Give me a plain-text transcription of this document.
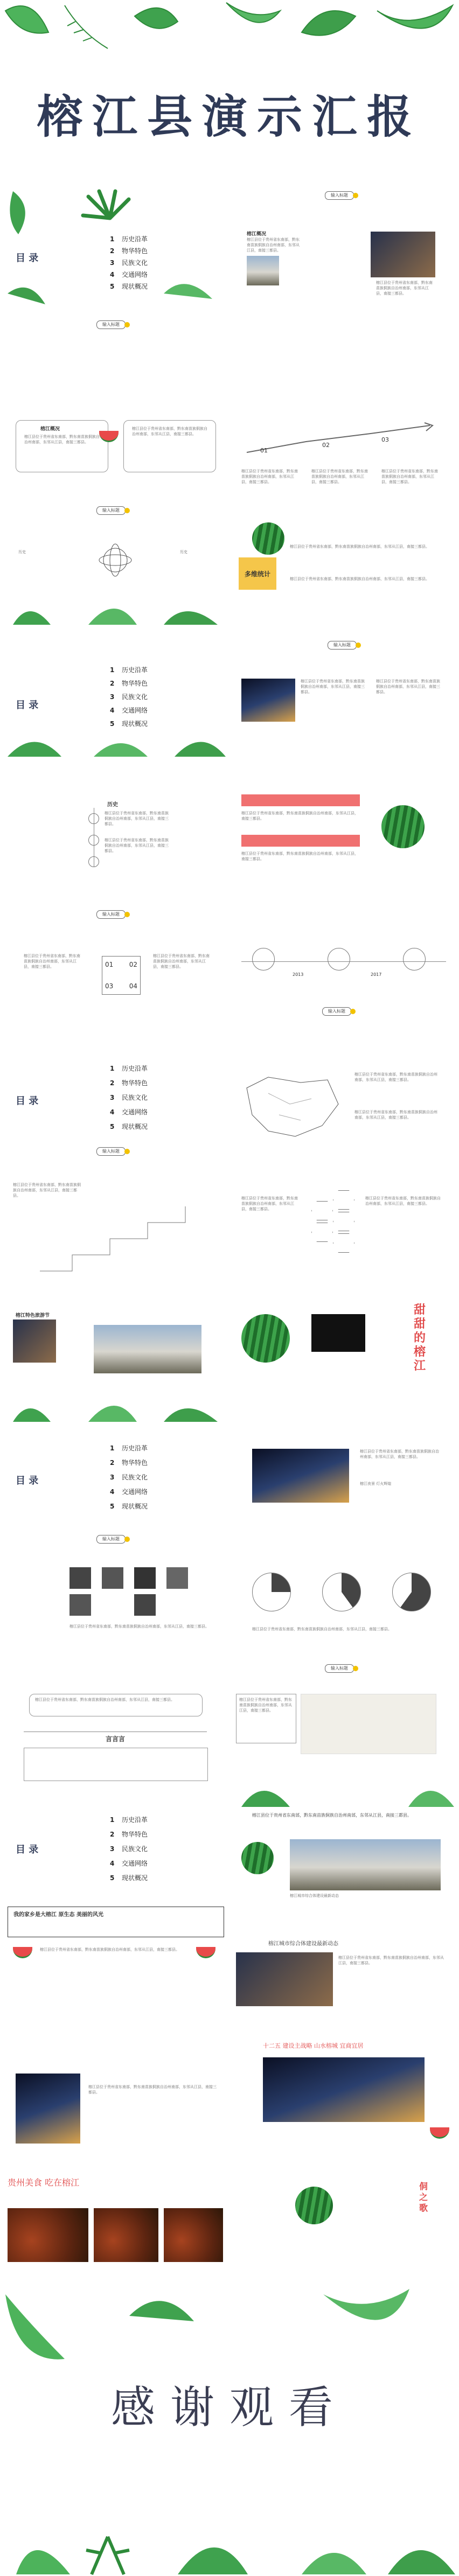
榕江县演示汇报
目 录
1 历史沿革
2 物华特色
3 民族文化
4 交通网络
5 现状概况
输入标题
榕江概况
榕江县位于贵州省东南部，黔东南苗族侗族自治州南部，东邻从江县，南接三都县。
榕江县位于贵州省东南部，黔东南苗族侗族自治州南部，东邻从江县，南接三都县。
输入标题
榕江概况
榕江县位于贵州省东南部，黔东南苗族侗族自治州南部，东邻从江县，南接三都县。
榕江县位于贵州省东南部，黔东南苗族侗族自治州南部，东邻从江县，南接三都县。
01
02
03
榕江县位于贵州省东南部，黔东南苗族侗族自治州南部，东邻从江县，南接三都县。
榕江县位于贵州省东南部，黔东南苗族侗族自治州南部，东邻从江县，南接三都县。
榕江县位于贵州省东南部，黔东南苗族侗族自治州南部，东邻从江县，南接三都县。
输入标题
历史	历史
多维统计
榕江县位于贵州省东南部，黔东南苗族侗族自治州南部，东邻从江县，南接三都县。
榕江县位于贵州省东南部，黔东南苗族侗族自治州南部，东邻从江县，南接三都县。
目 录
1 历史沿革
2 物华特色
3 民族文化
4 交通网络
5 现状概况
输入标题
榕江县位于贵州省东南部，黔东南苗族侗族自治州南部，东邻从江县，南接三都县。
榕江县位于贵州省东南部，黔东南苗族侗族自治州南部，东邻从江县，南接三都县。
历史
榕江县位于贵州省东南部，黔东南苗族侗族自治州南部，东邻从江县，南接三都县。
榕江县位于贵州省东南部，黔东南苗族侗族自治州南部，东邻从江县，南接三都县。
榕江县位于贵州省东南部，黔东南苗族侗族自治州南部，东邻从江县，南接三都县。
榕江县位于贵州省东南部，黔东南苗族侗族自治州南部，东邻从江县，南接三都县。
输入标题
01 02
03 04
榕江县位于贵州省东南部，黔东南苗族侗族自治州南部，东邻从江县，南接三都县。
榕江县位于贵州省东南部，黔东南苗族侗族自治州南部，东邻从江县，南接三都县。
2013	2017
输入标题
目 录
1 历史沿革
2 物华特色
3 民族文化
4 交通网络
5 现状概况
输入标题
榕江县位于贵州省东南部，黔东南苗族侗族自治州南部，东邻从江县，南接三都县。
榕江县位于贵州省东南部，黔东南苗族侗族自治州南部，东邻从江县，南接三都县。
榕江县位于贵州省东南部，黔东南苗族侗族自治州南部，东邻从江县，南接三都县。
榕江县位于贵州省东南部，黔东南苗族侗族自治州南部，东邻从江县，南接三都县。
榕江县位于贵州省东南部，黔东南苗族侗族自治州南部，东邻从江县，南接三都县。
榕江特色旅游节	甜甜的榕江
目 录
1 历史沿革
2 物华特色
3 民族文化
4 交通网络
5 现状概况
输入标题
榕江县位于贵州省东南部，黔东南苗族侗族自治州南部，东邻从江县，南接三都县。
榕江夜景 灯火辉煌
榕江县位于贵州省东南部，黔东南苗族侗族自治州南部，东邻从江县，南接三都县。
榕江县位于贵州省东南部，黔东南苗族侗族自治州南部，东邻从江县，南接三都县。
输入标题
榕江县位于贵州省东南部，黔东南苗族侗族自治州南部，东邻从江县，南接三都县。
言言言
榕江县位于贵州省东南部，黔东南苗族侗族自治州南部，东邻从江县，南接三都县。
目 录
1 历史沿革
2 物华特色
3 民族文化
4 交通网络
5 现状概况
我的家乡是大榕江 原生态 美丽的风光
榕江县位于贵州省东南部，黔东南苗族侗族自治州南部，东邻从江县，南接三都县。
榕江城市综合体建设最新动态
榕江县位于贵州省东南部，黔东南苗族侗族自治州南部，东邻从江县，南接三都县。
榕江城市综合体建设最新动态
榕江县位于贵州省东南部，黔东南苗族侗族自治州南部，东邻从江县，南接三都县。
榕江县位于贵州省东南部，黔东南苗族侗族自治州南部，东邻从江县，南接三都县。
贵州美食 吃在榕江
十二五 建设主战略 山水榕城 宜商宜居
侗之歌
感谢观看
